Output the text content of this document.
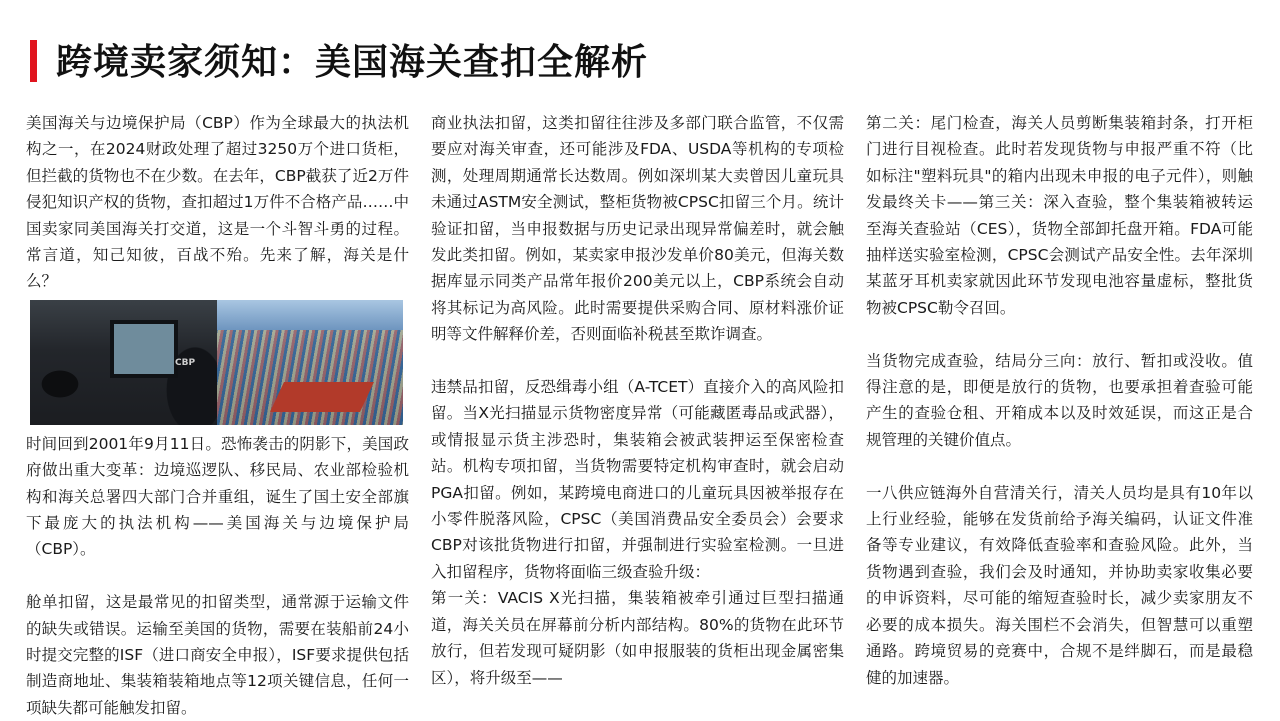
跨境卖家须知：美国海关查扣全解析

美国海关与边境保护局（CBP）作为全球最大的执法机构之一，在2024财政处理了超过3250万个进口货柜，但拦截的货物也不在少数。在去年，CBP截获了近2万件侵犯知识产权的货物，查扣超过1万件不合格产品……中国卖家同美国海关打交道，这是一个斗智斗勇的过程。常言道，知己知彼，百战不殆。先来了解，海关是什么？

CBP

时间回到2001年9月11日。恐怖袭击的阴影下，美国政府做出重大变革：边境巡逻队、移民局、农业部检验机构和海关总署四大部门合并重组，诞生了国土安全部旗下最庞大的执法机构——美国海关与边境保护局（CBP）。

舱单扣留，这是最常见的扣留类型，通常源于运输文件的缺失或错误。运输至美国的货物，需要在装船前24小时提交完整的ISF（进口商安全申报），ISF要求提供包括制造商地址、集装箱装箱地点等12项关键信息，任何一项缺失都可能触发扣留。

商业执法扣留，这类扣留往往涉及多部门联合监管，不仅需要应对海关审查，还可能涉及FDA、USDA等机构的专项检测，处理周期通常长达数周。例如深圳某大卖曾因儿童玩具未通过ASTM安全测试，整柜货物被CPSC扣留三个月。统计验证扣留，当申报数据与历史记录出现异常偏差时，就会触发此类扣留。例如，某卖家申报沙发单价80美元，但海关数据库显示同类产品常年报价200美元以上，CBP系统会自动将其标记为高风险。此时需要提供采购合同、原材料涨价证明等文件解释价差，否则面临补税甚至欺诈调查。

违禁品扣留，反恐缉毒小组（A-TCET）直接介入的高风险扣留。当X光扫描显示货物密度异常（可能藏匿毒品或武器），或情报显示货主涉恐时，集装箱会被武装押运至保密检查站。机构专项扣留，当货物需要特定机构审查时，就会启动PGA扣留。例如，某跨境电商进口的儿童玩具因被举报存在小零件脱落风险，CPSC（美国消费品安全委员会）会要求 CBP对该批货物进行扣留，并强制进行实验室检测。一旦进入扣留程序，货物将面临三级查验升级：

第一关：VACIS X光扫描，集装箱被牵引通过巨型扫描通道，海关关员在屏幕前分析内部结构。80%的货物在此环节放行，但若发现可疑阴影（如申报服装的货柜出现金属密集区），将升级至——

第二关：尾门检查，海关人员剪断集装箱封条，打开柜门进行目视检查。此时若发现货物与申报严重不符（比如标注"塑料玩具"的箱内出现未申报的电子元件），则触发最终关卡——第三关：深入查验，整个集装箱被转运至海关查验站（CES），货物全部卸托盘开箱。FDA可能抽样送实验室检测，CPSC会测试产品安全性。去年深圳某蓝牙耳机卖家就因此环节发现电池容量虚标，整批货物被CPSC勒令召回。

当货物完成查验，结局分三向：放行、暂扣或没收。值得注意的是，即便是放行的货物，也要承担着查验可能产生的查验仓租、开箱成本以及时效延误，而这正是合规管理的关键价值点。

一八供应链海外自营清关行，清关人员均是具有10年以上行业经验，能够在发货前给予海关编码，认证文件准备等专业建议，有效降低查验率和查验风险。此外，当货物遇到查验，我们会及时通知，并协助卖家收集必要的申诉资料，尽可能的缩短查验时长，减少卖家朋友不必要的成本损失。海关围栏不会消失，但智慧可以重塑通路。跨境贸易的竞赛中，合规不是绊脚石，而是最稳健的加速器。
